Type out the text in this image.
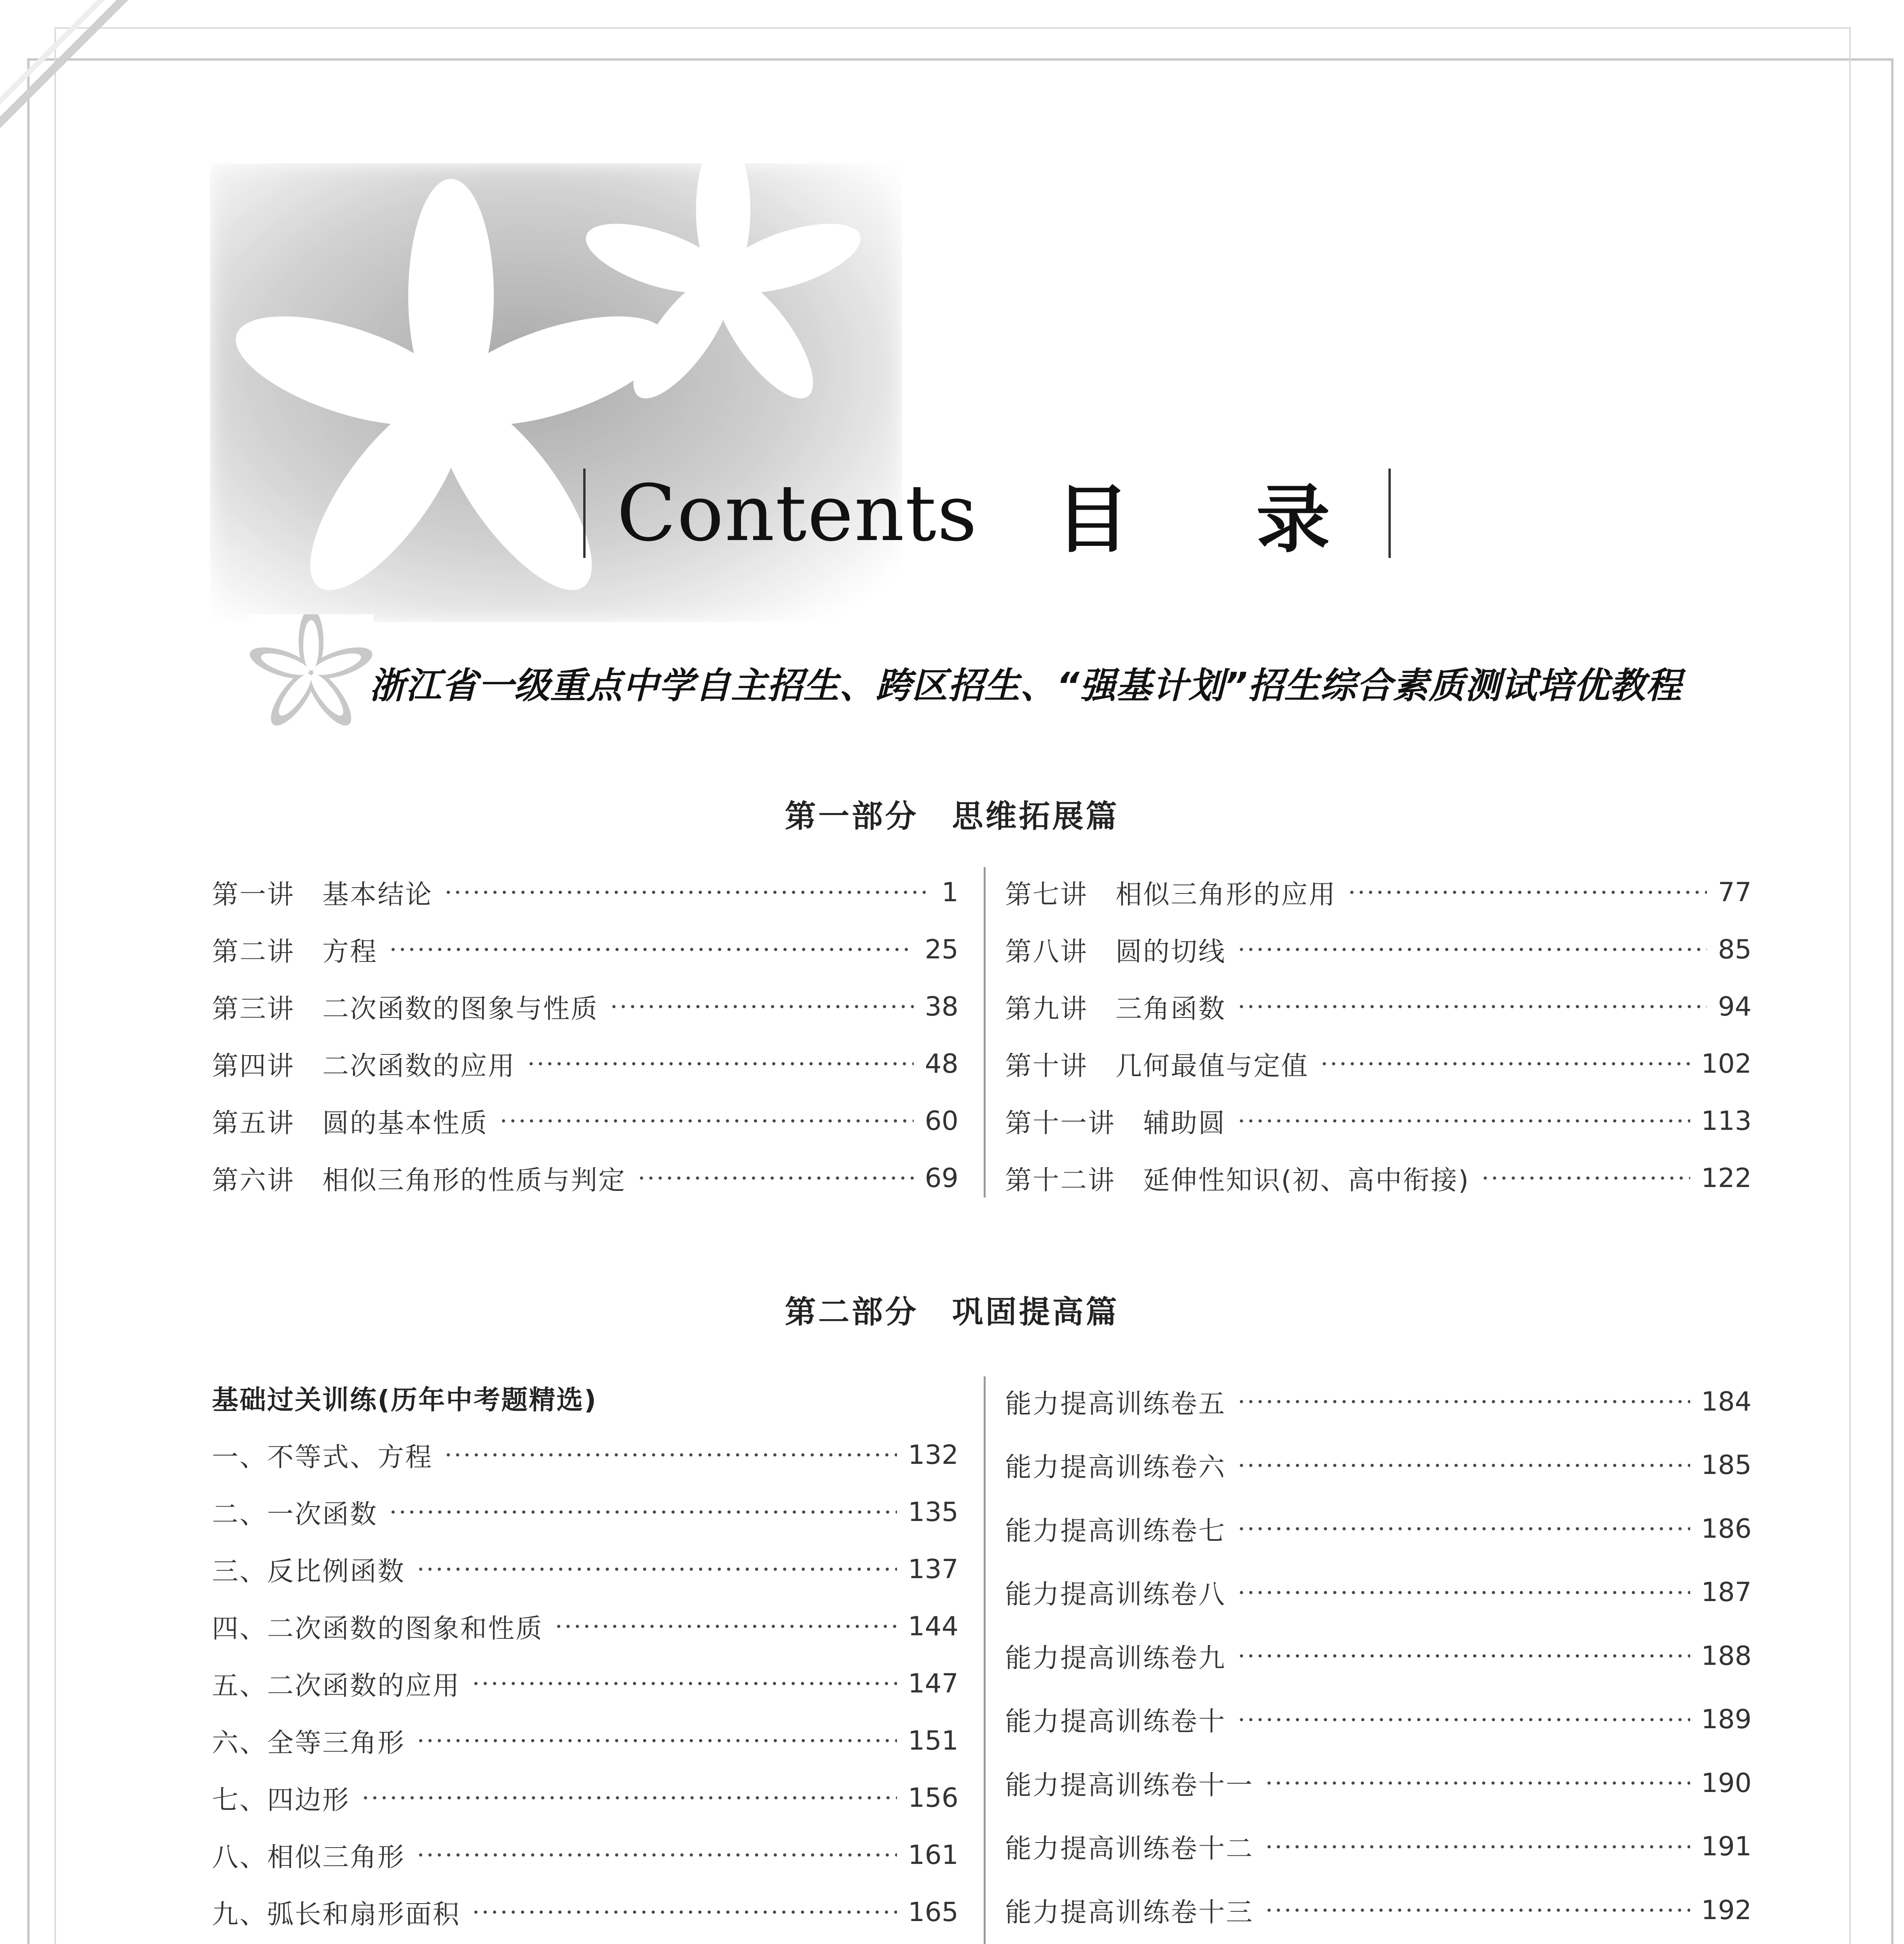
Contents 目 录
浙江省一级重点中学自主招生、跨区招生、“强基计划”招生综合素质测试培优教程
第一部分　思维拓展篇
第一讲　基本结论	1
第二讲　方程	25
第三讲　二次函数的图象与性质	38
第四讲　二次函数的应用	48
第五讲　圆的基本性质	60
第六讲　相似三角形的性质与判定	69
第七讲　相似三角形的应用	77
第八讲　圆的切线	85
第九讲　三角函数	94
第十讲　几何最值与定值	102
第十一讲　辅助圆	113
第十二讲　延伸性知识(初、高中衔接)	122
第二部分　巩固提高篇
基础过关训练(历年中考题精选)
一、不等式、方程	132
二、一次函数	135
三、反比例函数	137
四、二次函数的图象和性质	144
五、二次函数的应用	147
六、全等三角形	151
七、四边形	156
八、相似三角形	161
九、弧长和扇形面积	165
能力提高训练卷五	184
能力提高训练卷六	185
能力提高训练卷七	186
能力提高训练卷八	187
能力提高训练卷九	188
能力提高训练卷十	189
能力提高训练卷十一	190
能力提高训练卷十二	191
能力提高训练卷十三	192
